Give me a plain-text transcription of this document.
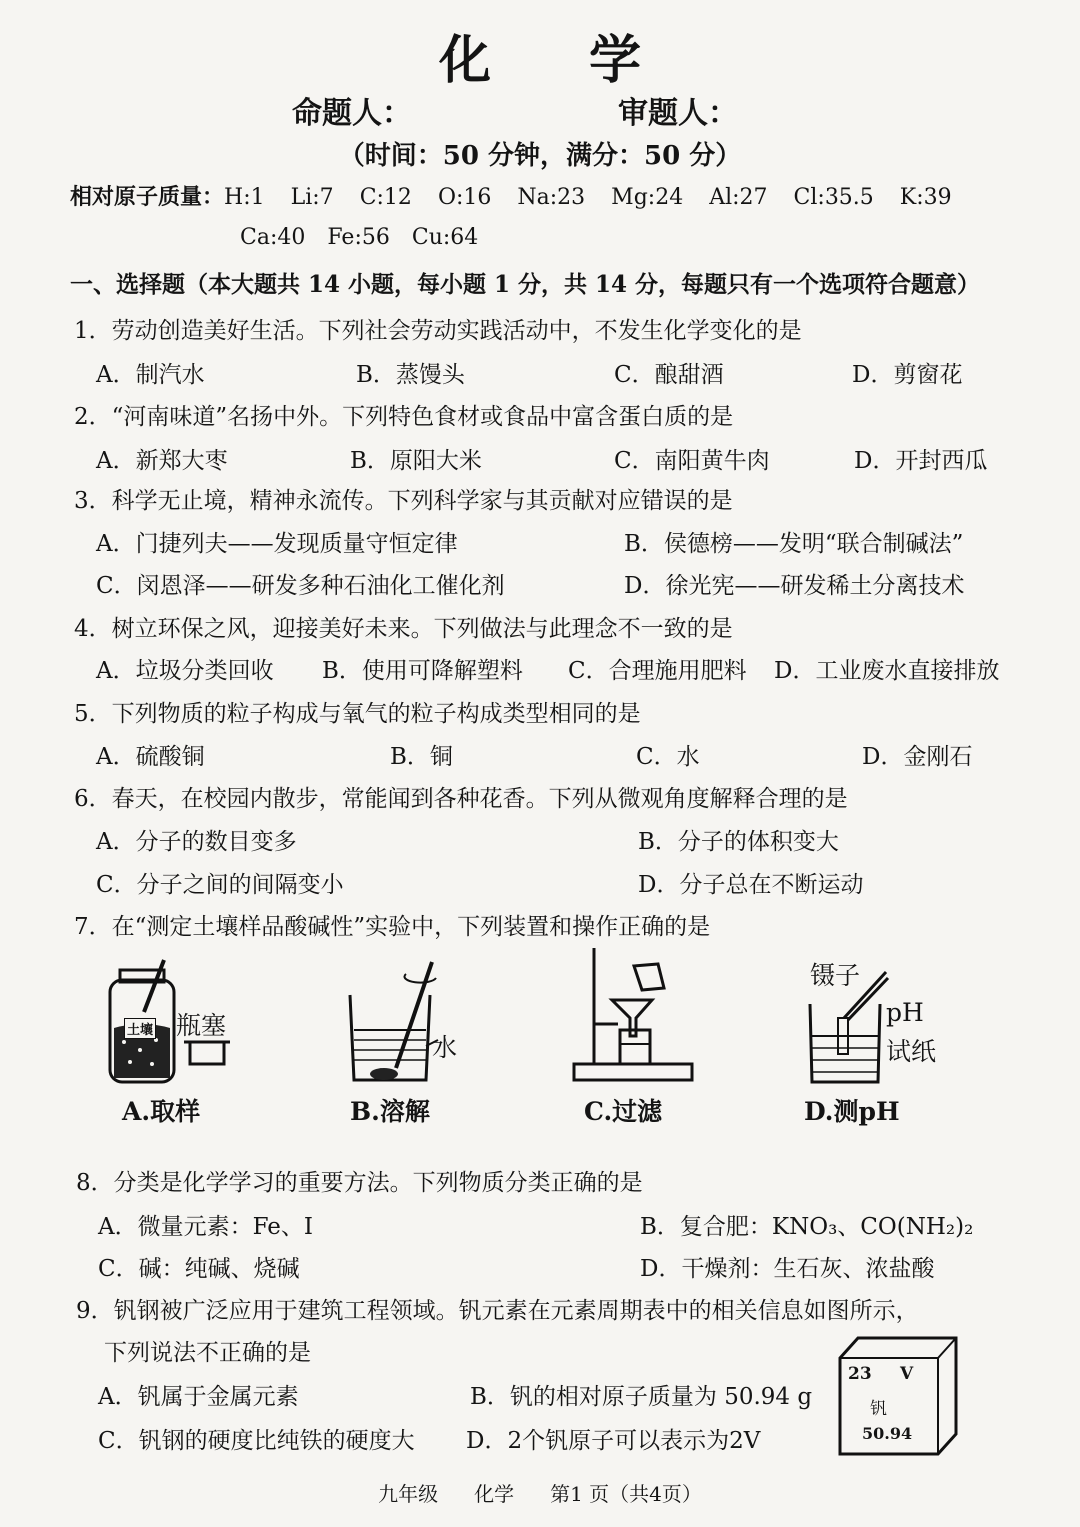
化 学
命题人：	审题人：
（时间：50 分钟，满分：50 分）
相对原子质量：H:1 Li:7 C:12 O:16 Na:23 Mg:24 Al:27 Cl:35.5 K:39
Ca:40 Fe:56 Cu:64
一、选择题（本大题共 14 小题，每小题 1 分，共 14 分，每题只有一个选项符合题意）
1．劳动创造美好生活。下列社会劳动实践活动中，不发生化学变化的是
A．制汽水	B．蒸馒头	C．酿甜酒	D．剪窗花
2．“河南味道”名扬中外。下列特色食材或食品中富含蛋白质的是
A．新郑大枣	B．原阳大米	C．南阳黄牛肉	D．开封西瓜
3．科学无止境，精神永流传。下列科学家与其贡献对应错误的是
A．门捷列夫——发现质量守恒定律	B．侯德榜——发明“联合制碱法”
C．闵恩泽——研发多种石油化工催化剂	D．徐光宪——研发稀土分离技术
4．树立环保之风，迎接美好未来。下列做法与此理念不一致的是
A．垃圾分类回收 B．使用可降解塑料 C．合理施用肥料 D．工业废水直接排放
5．下列物质的粒子构成与氧气的粒子构成类型相同的是
A．硫酸铜	B．铜	C．水	D．金刚石
6．春天，在校园内散步，常能闻到各种花香。下列从微观角度解释合理的是
A．分子的数目变多	B．分子的体积变大
C．分子之间的间隔变小	D．分子总在不断运动
7．在“测定土壤样品酸碱性”实验中，下列装置和操作正确的是
土壤 瓶塞
水
镊子
pH
试纸
A.取样	B.溶解	C.过滤	D.测pH
8．分类是化学学习的重要方法。下列物质分类正确的是
A．微量元素：Fe、I	B．复合肥：KNO₃、CO(NH₂)₂
C．碱：纯碱、烧碱	D．干燥剂：生石灰、浓盐酸
9．钒钢被广泛应用于建筑工程领域。钒元素在元素周期表中的相关信息如图所示，
下列说法不正确的是
A．钒属于金属元素	B．钒的相对原子质量为 50.94 g
C．钒钢的硬度比纯铁的硬度大 D．2个钒原子可以表示为2V
23 V
钒
50.94
九年级 化学 第1 页（共4页）
